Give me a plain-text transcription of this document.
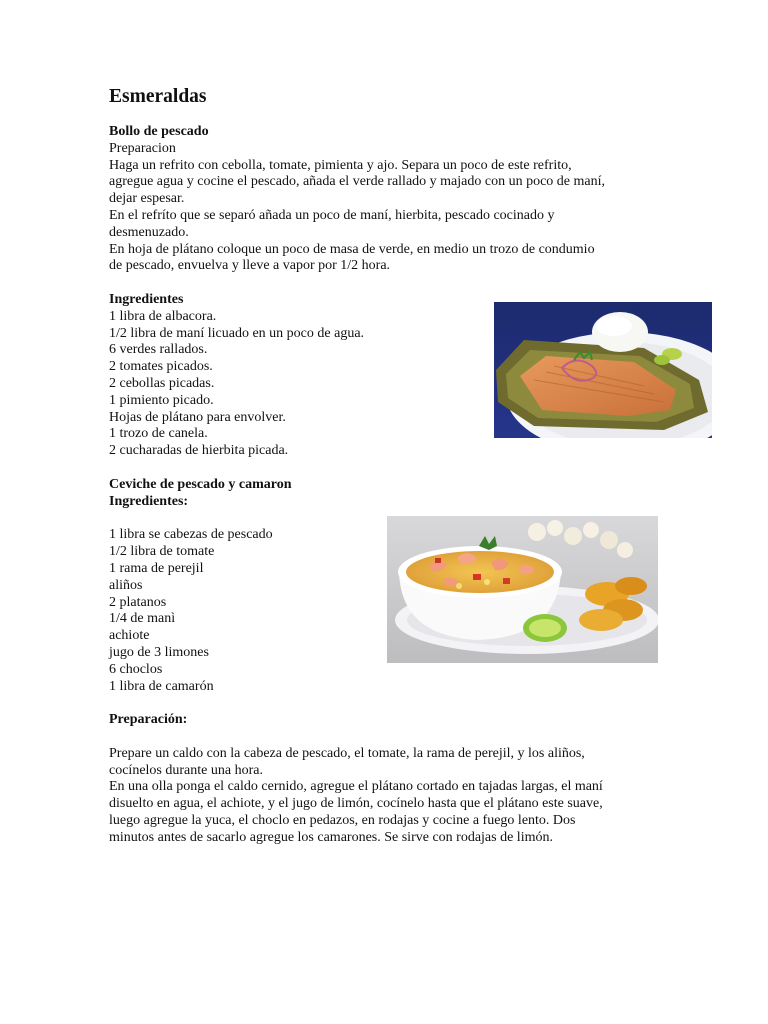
Esmeraldas

Bollo de pescado

Preparacion

Haga un refrito con cebolla, tomate, pimienta y ajo. Separa un poco de este refrito,

agregue agua y cocine el pescado, añada el verde rallado y majado con un poco de maní,

dejar espesar.

En el refríto que se separó añada un poco de maní, hierbita, pescado cocinado y

desmenuzado.

En hoja de plátano coloque un poco de masa de verde, en medio un trozo de condumio

de pescado, envuelva y lleve a vapor por 1/2 hora.

Ingredientes

1 libra de albacora.

1/2 libra de maní licuado en un poco de agua.

6 verdes rallados.

2 tomates picados.

2 cebollas picadas.

1 pimiento picado.

Hojas de plátano para envolver.

1 trozo de canela.

2 cucharadas de hierbita picada.

Ceviche de pescado y camaron

Ingredientes:

1 libra se cabezas de pescado

1/2 libra de tomate

1 rama de perejil

aliños

2 platanos

1/4 de manì

achiote

jugo de 3 limones

6 choclos

1 libra de camarón

Preparación:

Prepare un caldo con la cabeza de pescado, el tomate, la rama de perejil, y los aliños,

cocínelos durante una hora.

En una olla ponga el caldo cernido, agregue el plátano cortado en tajadas largas, el maní

disuelto en agua, el achiote, y el jugo de limón, cocínelo hasta que el plátano este suave,

luego agregue la yuca, el choclo en pedazos, en rodajas y cocine a fuego lento. Dos

minutos antes de sacarlo agregue los camarones. Se sirve con rodajas de limón.
